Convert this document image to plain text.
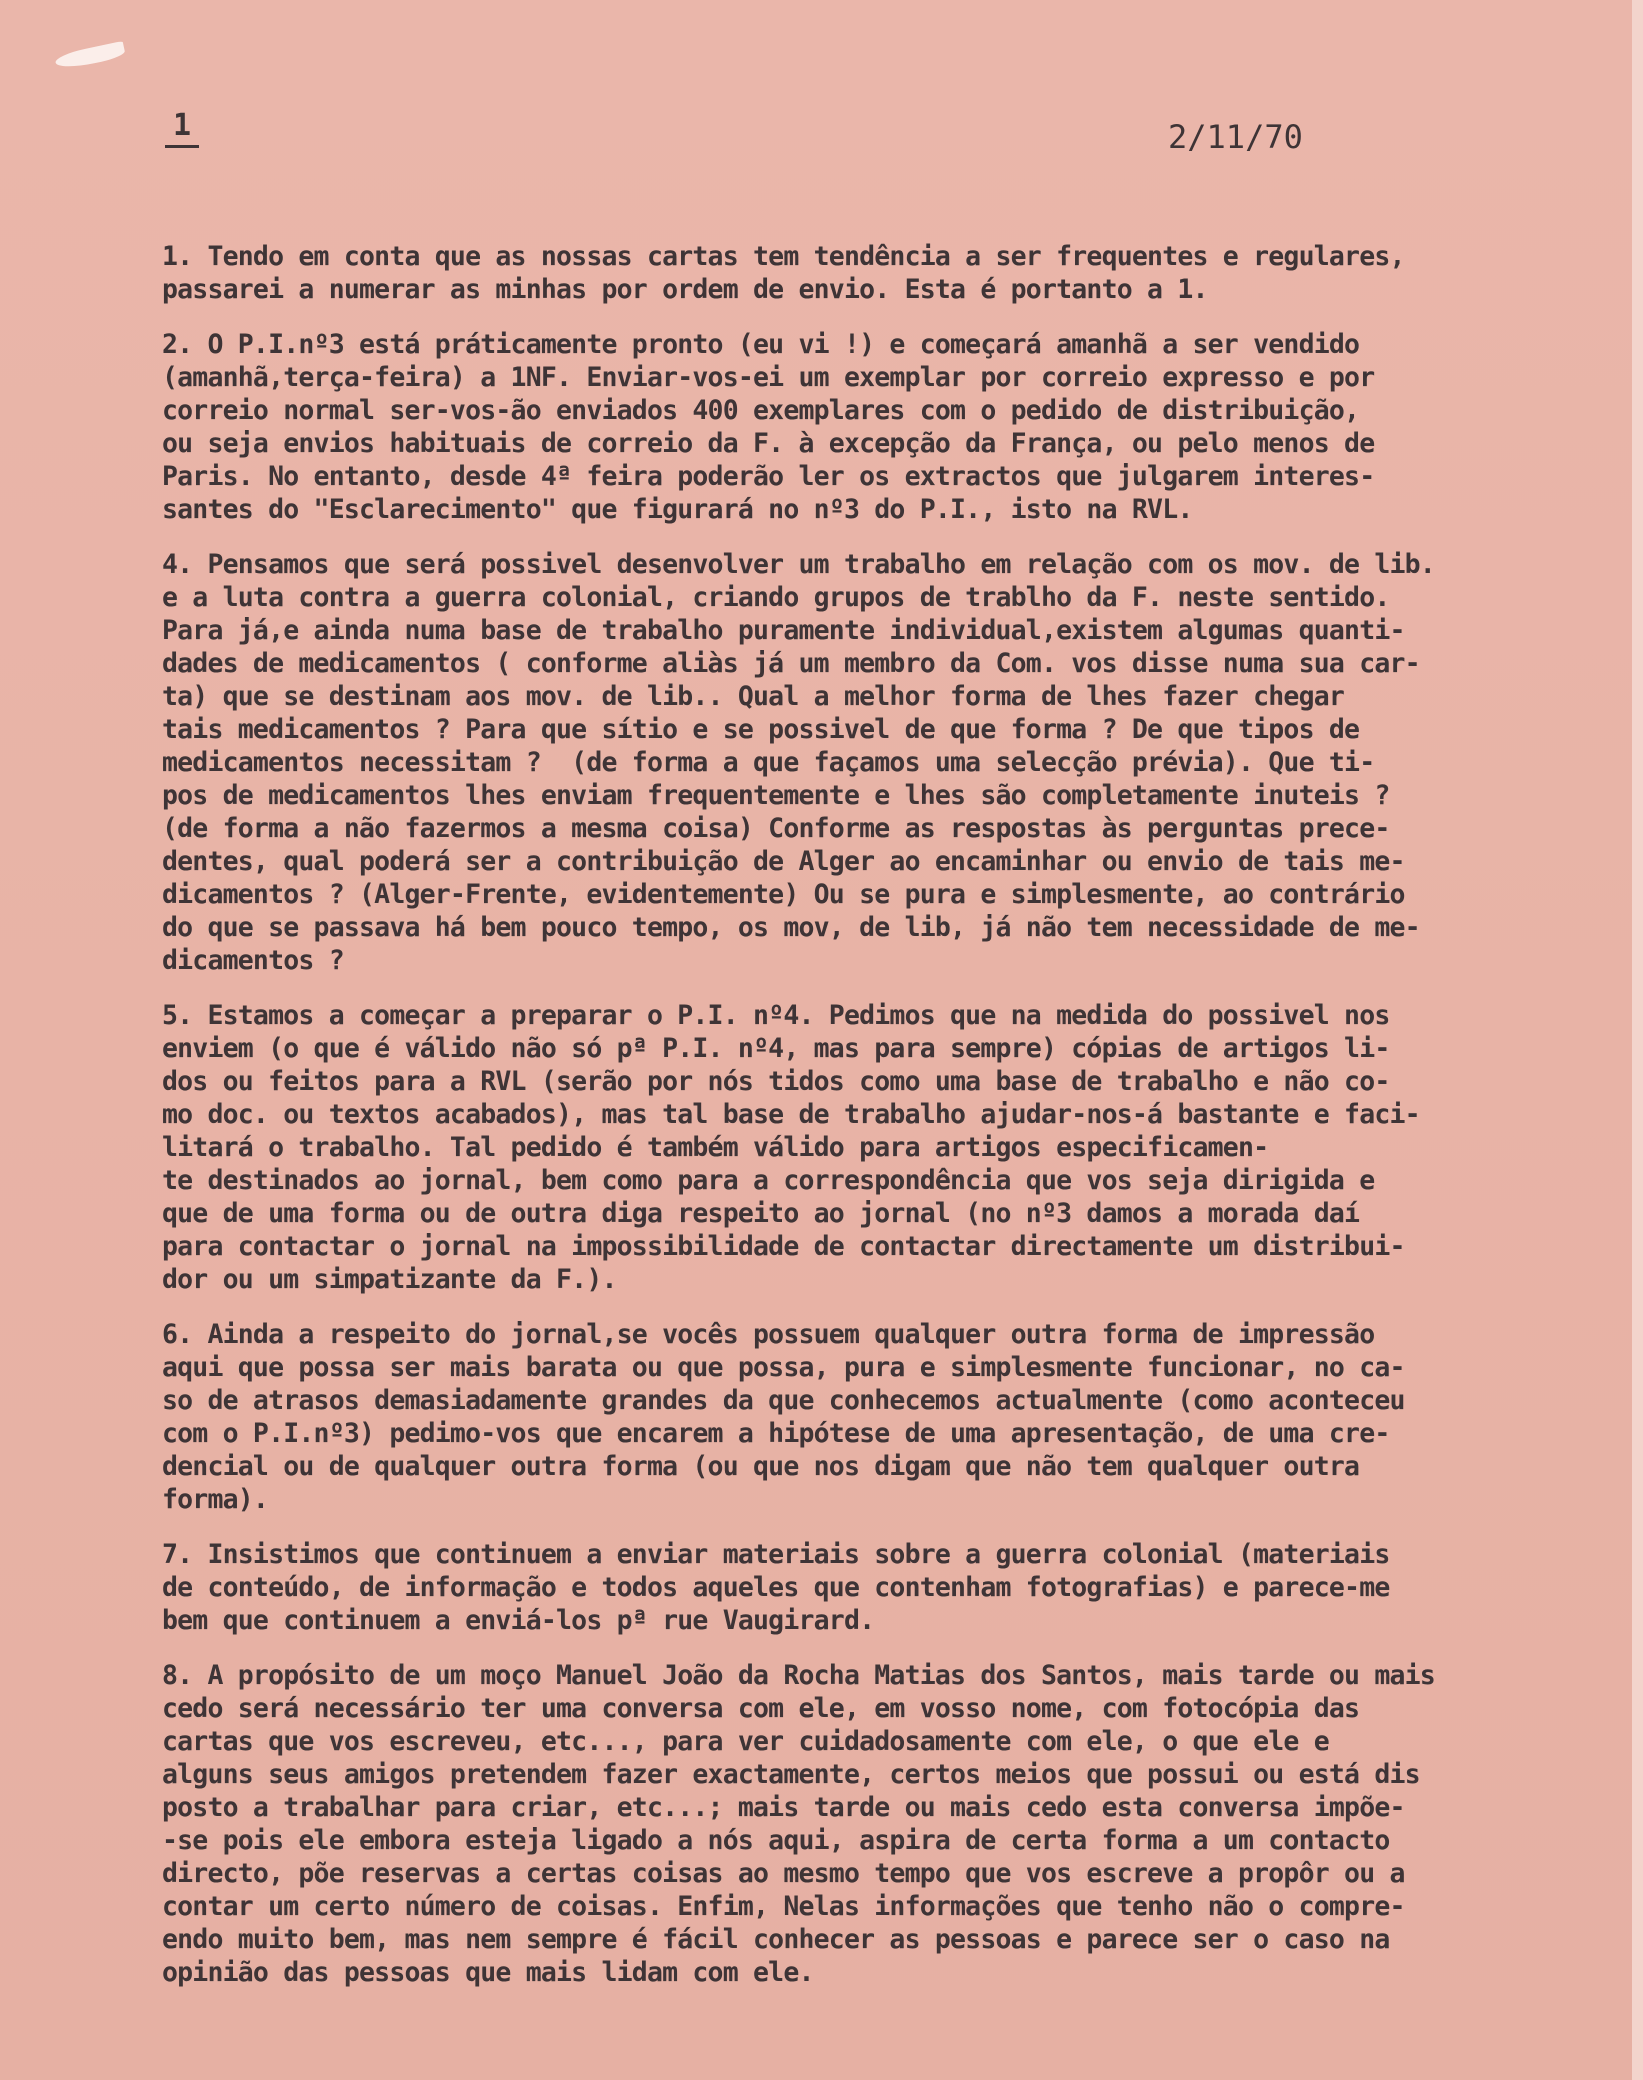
1	2/11/70
1. Tendo em conta que as nossas cartas tem tendência a ser frequentes e regulares,
passarei a numerar as minhas por ordem de envio. Esta é portanto a 1.
2. O P.I.nº3 está práticamente pronto (eu vi !) e começará amanhã a ser vendido
(amanhã,terça-feira) a 1NF. Enviar-vos-ei um exemplar por correio expresso e por
correio normal ser-vos-ão enviados 400 exemplares com o pedido de distribuição,
ou seja envios habituais de correio da F. à excepção da França, ou pelo menos de
Paris. No entanto, desde 4ª feira poderão ler os extractos que julgarem interes-
santes do "Esclarecimento" que figurará no nº3 do P.I., isto na RVL.
4. Pensamos que será possivel desenvolver um trabalho em relação com os mov. de lib.
e a luta contra a guerra colonial, criando grupos de trablho da F. neste sentido.
Para já,e ainda numa base de trabalho puramente individual,existem algumas quanti-
dades de medicamentos ( conforme aliàs já um membro da Com. vos disse numa sua car-
ta) que se destinam aos mov. de lib.. Qual a melhor forma de lhes fazer chegar
tais medicamentos ? Para que sítio e se possivel de que forma ? De que tipos de
medicamentos necessitam ?  (de forma a que façamos uma selecção prévia). Que ti-
pos de medicamentos lhes enviam frequentemente e lhes são completamente inuteis ?
(de forma a não fazermos a mesma coisa) Conforme as respostas às perguntas prece-
dentes, qual poderá ser a contribuição de Alger ao encaminhar ou envio de tais me-
dicamentos ? (Alger-Frente, evidentemente) Ou se pura e simplesmente, ao contrário
do que se passava há bem pouco tempo, os mov, de lib, já não tem necessidade de me-
dicamentos ?
5. Estamos a começar a preparar o P.I. nº4. Pedimos que na medida do possivel nos
enviem (o que é válido não só pª P.I. nº4, mas para sempre) cópias de artigos li-
dos ou feitos para a RVL (serão por nós tidos como uma base de trabalho e não co-
mo doc. ou textos acabados), mas tal base de trabalho ajudar-nos-á bastante e faci-
litará o trabalho. Tal pedido é também válido para artigos especificamen-
te destinados ao jornal, bem como para a correspondência que vos seja dirigida e
que de uma forma ou de outra diga respeito ao jornal (no nº3 damos a morada daí
para contactar o jornal na impossibilidade de contactar directamente um distribui-
dor ou um simpatizante da F.).
6. Ainda a respeito do jornal,se vocês possuem qualquer outra forma de impressão
aqui que possa ser mais barata ou que possa, pura e simplesmente funcionar, no ca-
so de atrasos demasiadamente grandes da que conhecemos actualmente (como aconteceu
com o P.I.nº3) pedimo-vos que encarem a hipótese de uma apresentação, de uma cre-
dencial ou de qualquer outra forma (ou que nos digam que não tem qualquer outra
forma).
7. Insistimos que continuem a enviar materiais sobre a guerra colonial (materiais
de conteúdo, de informação e todos aqueles que contenham fotografias) e parece-me
bem que continuem a enviá-los pª rue Vaugirard.
8. A propósito de um moço Manuel João da Rocha Matias dos Santos, mais tarde ou mais
cedo será necessário ter uma conversa com ele, em vosso nome, com fotocópia das
cartas que vos escreveu, etc..., para ver cuidadosamente com ele, o que ele e
alguns seus amigos pretendem fazer exactamente, certos meios que possui ou está dis
posto a trabalhar para criar, etc...; mais tarde ou mais cedo esta conversa impõe-
-se pois ele embora esteja ligado a nós aqui, aspira de certa forma a um contacto
directo, põe reservas a certas coisas ao mesmo tempo que vos escreve a propôr ou a
contar um certo número de coisas. Enfim, Nelas informações que tenho não o compre-
endo muito bem, mas nem sempre é fácil conhecer as pessoas e parece ser o caso na
opinião das pessoas que mais lidam com ele.
